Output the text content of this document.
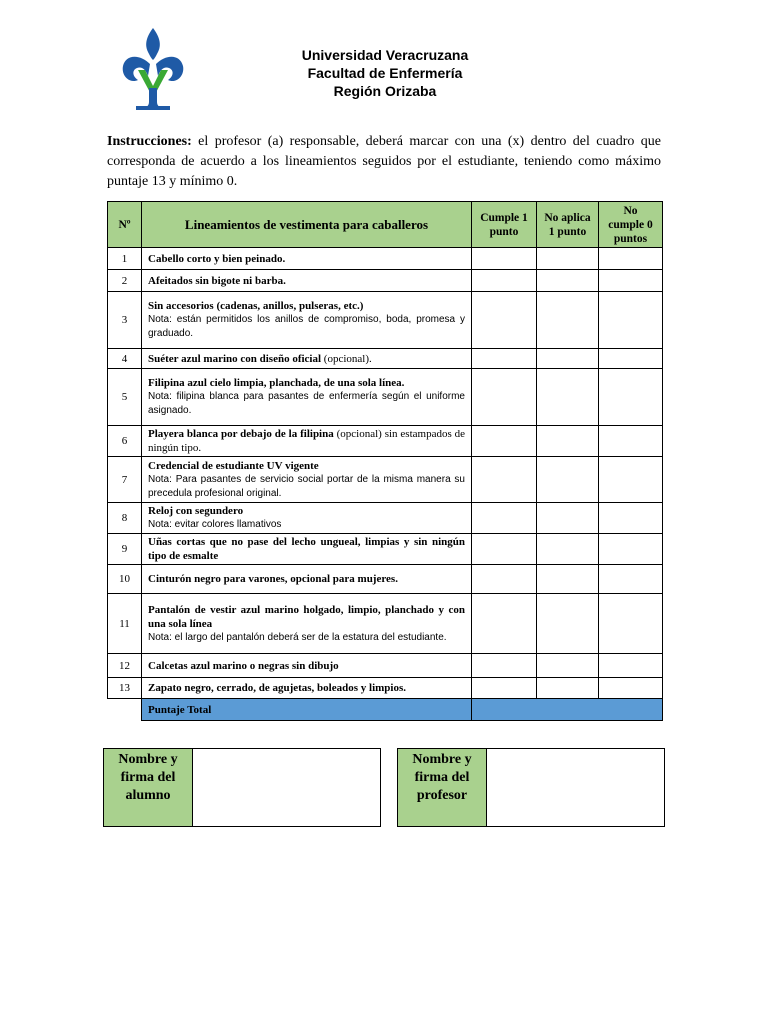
Universidad Veracruzana
Facultad de Enfermería
Región Orizaba
Instrucciones: el profesor (a) responsable, deberá marcar con una (x) dentro del cuadro que corresponda de acuerdo a los lineamientos seguidos por el estudiante, teniendo como máximo puntaje 13 y mínimo 0.
Nº	Lineamientos de vestimenta para caballeros	Cumple 1 punto	No aplica 1 punto	No cumple 0 puntos
1	Cabello corto y bien peinado.			
2	Afeitados sin bigote ni barba.			
3	Sin accesorios (cadenas, anillos, pulseras, etc.)
Nota: están permitidos los anillos de compromiso, boda, promesa y graduado.			

4	Suéter azul marino con diseño oficial (opcional).			
5	Filipina azul cielo limpia, planchada, de una sola línea.
Nota: filipina blanca para pasantes de enfermería según el uniforme asignado.			

6	Playera blanca por debajo de la filipina (opcional) sin estampados de ningún tipo.			
7	Credencial de estudiante UV vigente
Nota: Para pasantes de servicio social portar de la misma manera su precedula profesional original.			

8	Reloj con segundero
Nota: evitar colores llamativos			

9	Uñas cortas que no pase del lecho ungueal, limpias y sin ningún tipo de esmalte			
10	Cinturón negro para varones, opcional para mujeres.			
11	Pantalón de vestir azul marino holgado, limpio, planchado y con una sola línea
Nota: el largo del pantalón deberá ser de la estatura del estudiante.			

12	Calcetas azul marino o negras sin dibujo			
13	Zapato negro, cerrado, de agujetas, boleados y limpios.			
	Puntaje Total			
Nombre y firma del alumno
Nombre y firma del profesor
